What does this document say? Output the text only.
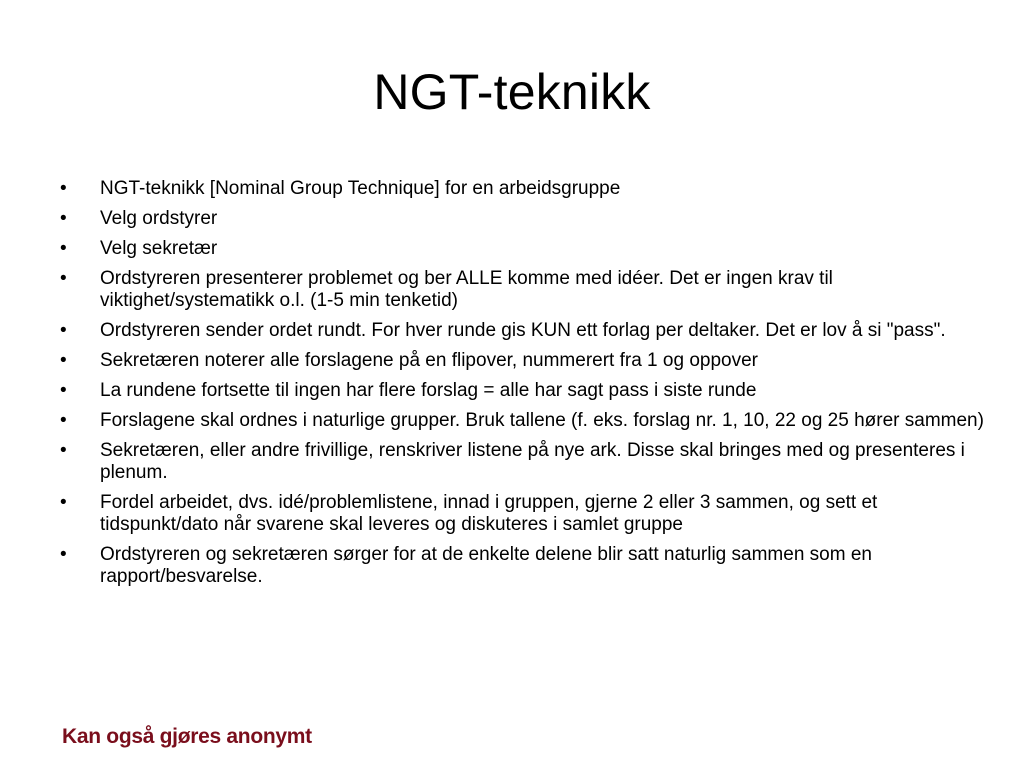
NGT-teknikk
• NGT-teknikk [Nominal Group Technique] for en arbeidsgruppe
• Velg ordstyrer
• Velg sekretær
• Ordstyreren presenterer problemet og ber ALLE komme med idéer. Det er ingen krav til viktighet/systematikk o.l. (1-5 min tenketid)
• Ordstyreren sender ordet rundt. For hver runde gis KUN ett forlag per deltaker. Det er lov å si "pass".
• Sekretæren noterer alle forslagene på en flipover, nummerert fra 1 og oppover
• La rundene fortsette til ingen har flere forslag = alle har sagt pass i siste runde
• Forslagene skal ordnes i naturlige grupper. Bruk tallene (f. eks. forslag nr. 1, 10, 22 og 25 hører sammen)
• Sekretæren, eller andre frivillige, renskriver listene på nye ark. Disse skal bringes med og presenteres i plenum.
• Fordel arbeidet, dvs. idé/problemlistene, innad i gruppen, gjerne 2 eller 3 sammen, og sett et tidspunkt/dato når svarene skal leveres og diskuteres i samlet gruppe
• Ordstyreren og sekretæren sørger for at de enkelte delene blir satt naturlig sammen som en rapport/besvarelse.
Kan også gjøres anonymt
